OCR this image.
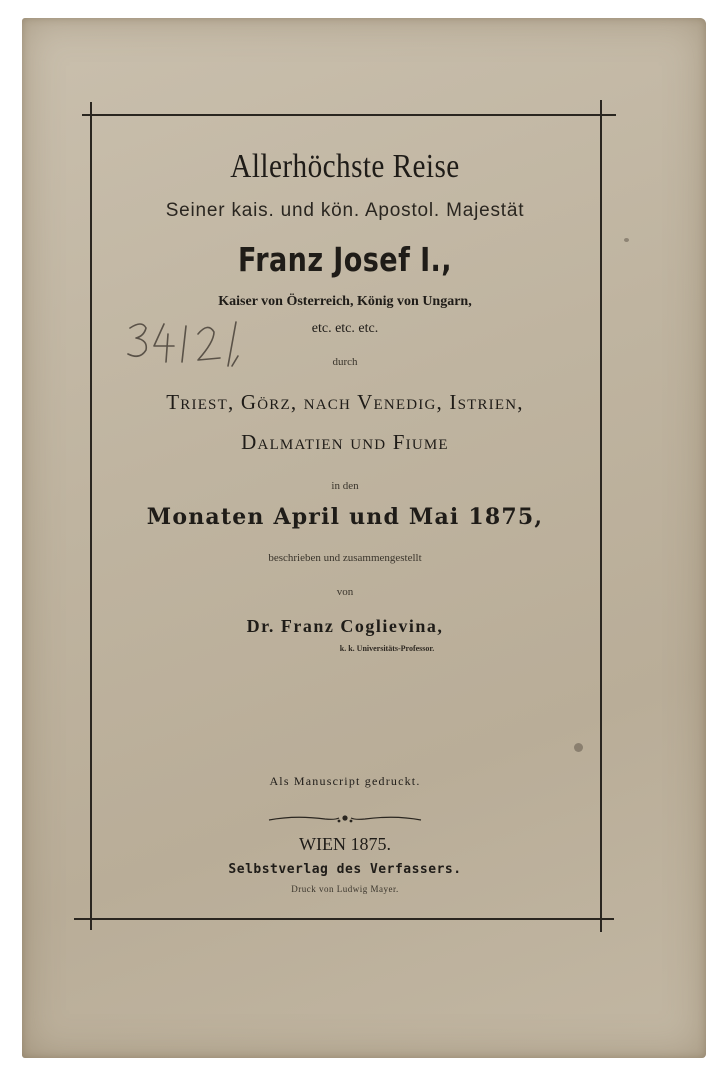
Allerhöchste Reise
Seiner kais. und kön. Apostol. Majestät
Franz Josef I.,
Kaiser von Österreich, König von Ungarn,
etc. etc. etc.
durch
Triest, Görz, nach Venedig, Istrien,
Dalmatien und Fiume
in den
Monaten April und Mai 1875,
beschrieben und zusammengestellt
von
Dr. Franz Coglievina,
k. k. Universitäts-Professor.
Als Manuscript gedruckt.
WIEN 1875.
Selbstverlag des Verfassers.
Druck von Ludwig Mayer.
